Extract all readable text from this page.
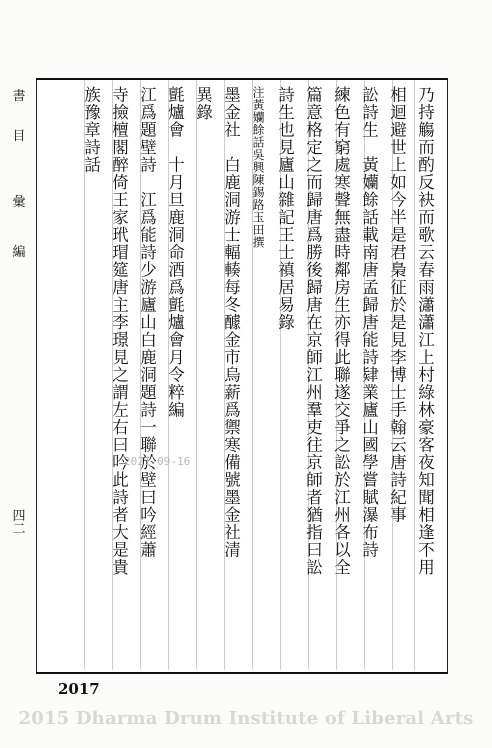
書
目
彙
編
四二	乃持觴而酌反袂而歌云春雨瀟瀟江上村綠林豪客夜知聞相逢不用
相迴避世上如今半是君梟征於是見李博士手翰云唐詩紀事
訟詩生　黃孏餘話載南唐孟歸唐能詩肄業廬山國學嘗賦瀑布詩
練色有窮處寒聲無盡時鄰房生亦得此聯遂交爭之訟於江州各以全
篇意格定之而歸唐爲勝後歸唐在京師江州羣吏往京師者猶指曰訟
詩生也見廬山雜記王士禛居易錄
注黃孏餘話吳興陳錫路玉田撰
墨金社　白鹿洞游士輻輳每冬醵金市烏薪爲禦寒備號墨金社清
異錄
氈爐會　十月旦鹿洞命酒爲氈爐會月令粹編
江爲題壁詩　江爲能詩少游廬山白鹿洞題詩一聯於壁曰吟經蕭
寺撿檀閣醉倚王家玳瑁筵唐主李璟見之謂左右曰吟此詩者大是貴
族豫章詩話
2021-09-16
2017
2015 Dharma Drum Institute of Liberal Arts
